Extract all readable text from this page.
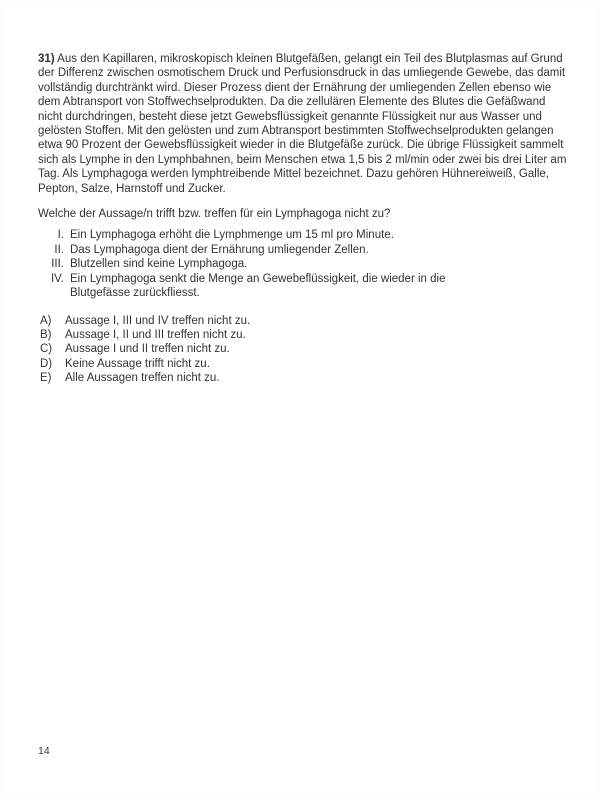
31) Aus den Kapillaren, mikroskopisch kleinen Blutgefäßen, gelangt ein Teil des Blutplasmas auf Grund
der Differenz zwischen osmotischem Druck und Perfusionsdruck in das umliegende Gewebe, das damit
vollständig durchtränkt wird. Dieser Prozess dient der Ernährung der umliegenden Zellen ebenso wie
dem Abtransport von Stoffwechselprodukten. Da die zellulären Elemente des Blutes die Gefäßwand
nicht durchdringen, besteht diese jetzt Gewebsflüssigkeit genannte Flüssigkeit nur aus Wasser und
gelösten Stoffen. Mit den gelösten und zum Abtransport bestimmten Stoffwechselprodukten gelangen
etwa 90 Prozent der Gewebsflüssigkeit wieder in die Blutgefäße zurück. Die übrige Flüssigkeit sammelt
sich als Lymphe in den Lymphbahnen, beim Menschen etwa 1,5 bis 2 ml/min oder zwei bis drei Liter am
Tag. Als Lymphagoga werden lymphtreibende Mittel bezeichnet. Dazu gehören Hühnereiweiß, Galle,
Pepton, Salze, Harnstoff und Zucker.
Welche der Aussage/n trifft bzw. treffen für ein Lymphagoga nicht zu?
I. Ein Lymphagoga erhöht die Lymphmenge um 15 ml pro Minute.
II. Das Lymphagoga dient der Ernährung umliegender Zellen.
III. Blutzellen sind keine Lymphagoga.
IV. Ein Lymphagoga senkt die Menge an Gewebeflüssigkeit, die wieder in die
Blutgefässe zurückfliesst.
A)	Aussage I, III und IV treffen nicht zu.
B)	Aussage I, II und III treffen nicht zu.
C)	Aussage I und II treffen nicht zu.
D)	Keine Aussage trifft nicht zu.
E)	Alle Aussagen treffen nicht zu.
14
